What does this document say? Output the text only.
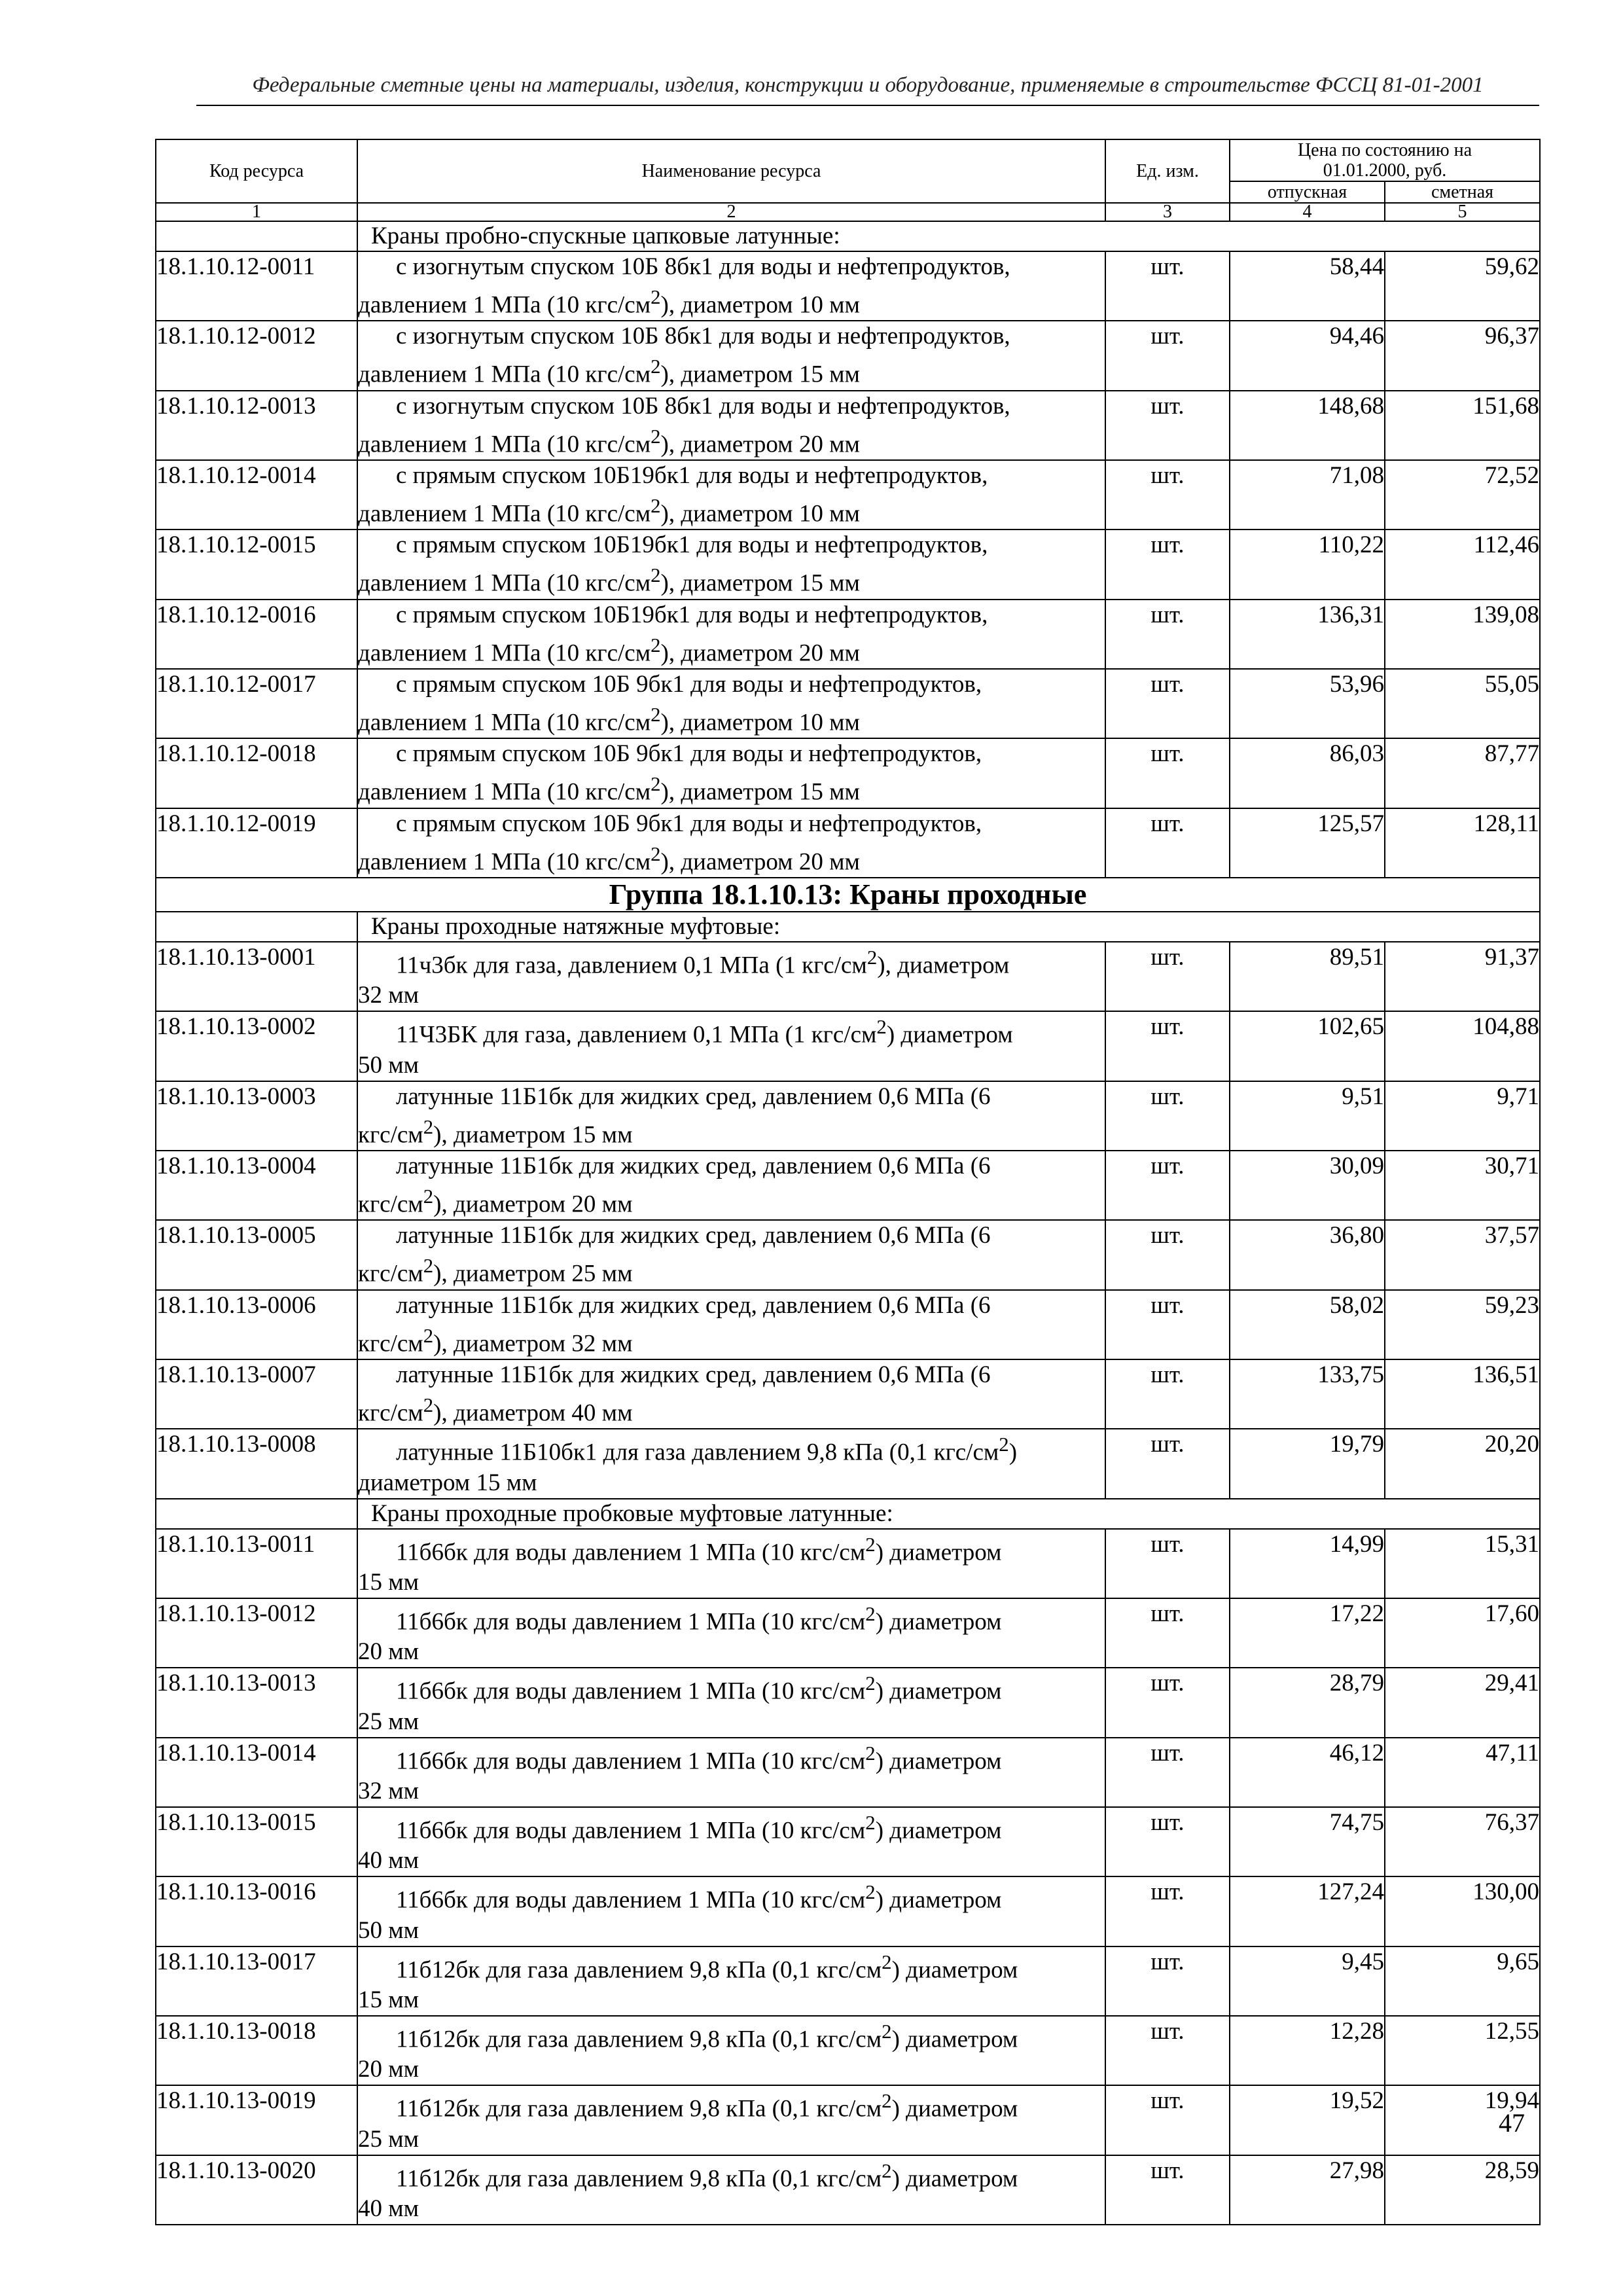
Федеральные сметные цены на материалы, изделия, конструкции и оборудование, применяемые в строительстве ФССЦ 81-01-2001
Код ресурса	Наименование ресурса	Ед. изм.	Цена по состоянию на
01.01.2000, руб.	
			отпускная	сметная
1	2	3	4	5
	Краны пробно-спускные цапковые латунные:			
18.1.10.12-0011	с изогнутым спуском 10Б 8бк1 для воды и нефтепродуктов,
давлением 1 МПа (10 кгс/$см^2$), диаметром 10 мм	шт.	58,44	59,62
18.1.10.12-0012	с изогнутым спуском 10Б 8бк1 для воды и нефтепродуктов,
давлением 1 МПа (10 кгс/$см^2$), диаметром 15 мм	шт.	94,46	96,37
18.1.10.12-0013	с изогнутым спуском 10Б 8бк1 для воды и нефтепродуктов,
давлением 1 МПа (10 кгс/$см^2$), диаметром 20 мм	шт.	148,68	151,68
18.1.10.12-0014	с прямым спуском 10Б19бк1 для воды и нефтепродуктов,
давлением 1 МПа (10 кгс/$см^2$), диаметром 10 мм	шт.	71,08	72,52
18.1.10.12-0015	с прямым спуском 10Б19бк1 для воды и нефтепродуктов,
давлением 1 МПа (10 кгс/$см^2$), диаметром 15 мм	шт.	110,22	112,46
18.1.10.12-0016	с прямым спуском 10Б19бк1 для воды и нефтепродуктов,
давлением 1 МПа (10 кгс/$см^2$), диаметром 20 мм	шт.	136,31	139,08
18.1.10.12-0017	с прямым спуском 10Б 9бк1 для воды и нефтепродуктов,
давлением 1 МПа (10 кгс/$см^2$), диаметром 10 мм	шт.	53,96	55,05
18.1.10.12-0018	с прямым спуском 10Б 9бк1 для воды и нефтепродуктов,
давлением 1 МПа (10 кгс/$см^2$), диаметром 15 мм	шт.	86,03	87,77
18.1.10.12-0019	с прямым спуском 10Б 9бк1 для воды и нефтепродуктов,
давлением 1 МПа (10 кгс/$см^2$), диаметром 20 мм	шт.	125,57	128,11
Группа 18.1.10.13: Краны проходные				
	Краны проходные натяжные муфтовые:			
18.1.10.13-0001	11ч3бк для газа, давлением 0,1 МПа (1 кгс/$см^2$), диаметром
32 мм	шт.	89,51	91,37
18.1.10.13-0002	11Ч3БК для газа, давлением 0,1 МПа (1 кгс/$см^2$) диаметром
50 мм	шт.	102,65	104,88
18.1.10.13-0003	латунные 11Б1бк для жидких сред, давлением 0,6 МПа (6
кгс/$см^2$), диаметром 15 мм	шт.	9,51	9,71
18.1.10.13-0004	латунные 11Б1бк для жидких сред, давлением 0,6 МПа (6
кгс/$см^2$), диаметром 20 мм	шт.	30,09	30,71
18.1.10.13-0005	латунные 11Б1бк для жидких сред, давлением 0,6 МПа (6
кгс/$см^2$), диаметром 25 мм	шт.	36,80	37,57
18.1.10.13-0006	латунные 11Б1бк для жидких сред, давлением 0,6 МПа (6
кгс/$см^2$), диаметром 32 мм	шт.	58,02	59,23
18.1.10.13-0007	латунные 11Б1бк для жидких сред, давлением 0,6 МПа (6
кгс/$см^2$), диаметром 40 мм	шт.	133,75	136,51
18.1.10.13-0008	латунные 11Б10бк1 для газа давлением 9,8 кПа (0,1 кгс/$см^2$)
диаметром 15 мм	шт.	19,79	20,20
	Краны проходные пробковые муфтовые латунные:			
18.1.10.13-0011	11б6бк для воды давлением 1 МПа (10 кгс/$см^2$) диаметром
15 мм	шт.	14,99	15,31
18.1.10.13-0012	11б6бк для воды давлением 1 МПа (10 кгс/$см^2$) диаметром
20 мм	шт.	17,22	17,60
18.1.10.13-0013	11б6бк для воды давлением 1 МПа (10 кгс/$см^2$) диаметром
25 мм	шт.	28,79	29,41
18.1.10.13-0014	11б6бк для воды давлением 1 МПа (10 кгс/$см^2$) диаметром
32 мм	шт.	46,12	47,11
18.1.10.13-0015	11б6бк для воды давлением 1 МПа (10 кгс/$см^2$) диаметром
40 мм	шт.	74,75	76,37
18.1.10.13-0016	11б6бк для воды давлением 1 МПа (10 кгс/$см^2$) диаметром
50 мм	шт.	127,24	130,00
18.1.10.13-0017	11б12бк для газа давлением 9,8 кПа (0,1 кгс/$см^2$) диаметром
15 мм	шт.	9,45	9,65
18.1.10.13-0018	11б12бк для газа давлением 9,8 кПа (0,1 кгс/$см^2$) диаметром
20 мм	шт.	12,28	12,55
18.1.10.13-0019	11б12бк для газа давлением 9,8 кПа (0,1 кгс/$см^2$) диаметром
25 мм	шт.	19,52	19,94
18.1.10.13-0020	11б12бк для газа давлением 9,8 кПа (0,1 кгс/$см^2$) диаметром
40 мм	шт.	27,98	28,59
47
